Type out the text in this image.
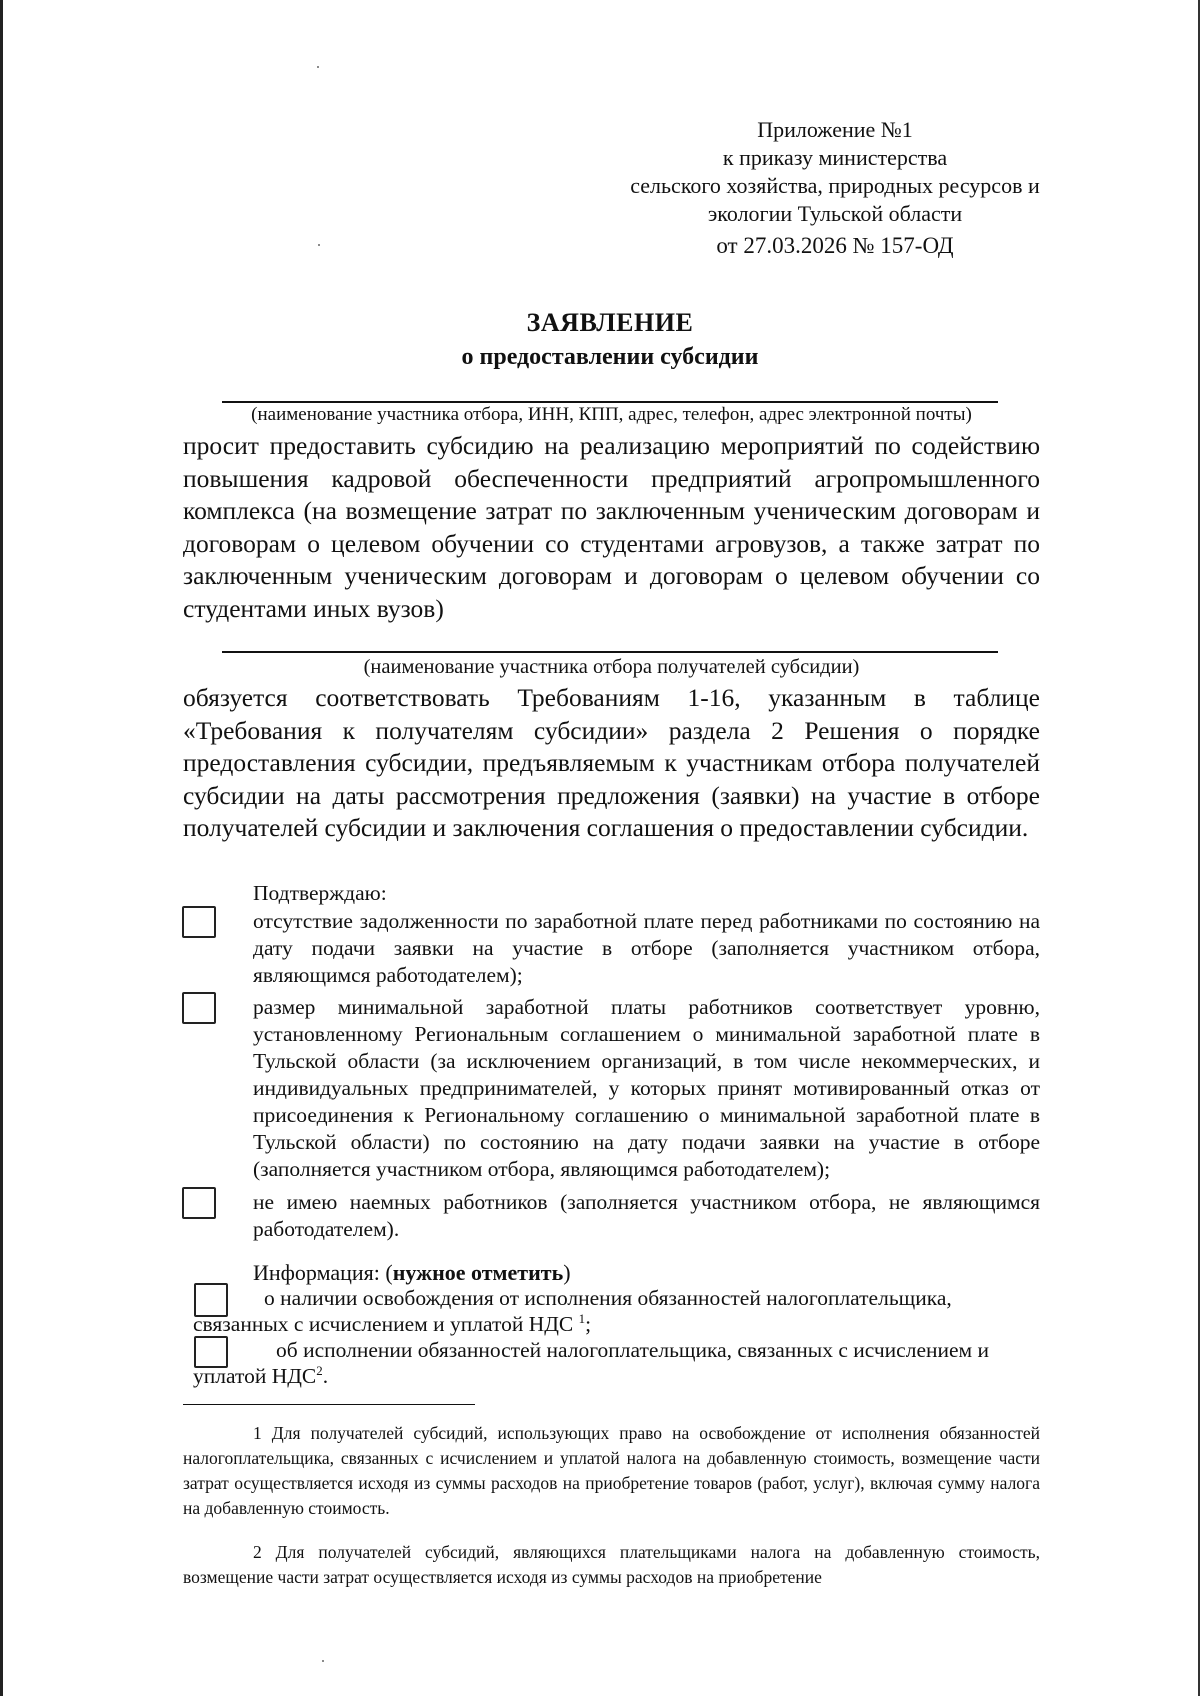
Приложение №1
к приказу министерства
сельского хозяйства, природных ресурсов и
экологии Тульской области
от 27.03.2026 № 157-ОД
ЗАЯВЛЕНИЕ
о предоставлении субсидии
(наименование участника отбора, ИНН, КПП, адрес, телефон, адрес электронной почты)
просит предоставить субсидию на реализацию мероприятий по содействию повышения кадровой обеспеченности предприятий агропромышленного комплекса (на возмещение затрат по заключенным ученическим договорам и договорам о целевом обучении со студентами агровузов, а также затрат по заключенным ученическим договорам и договорам о целевом обучении со студентами иных вузов)
(наименование участника отбора получателей субсидии)
обязуется соответствовать Требованиям 1-16, указанным в таблице «Требования к получателям субсидии» раздела 2 Решения о порядке предоставления субсидии, предъявляемым к участникам отбора получателей субсидии на даты рассмотрения предложения (заявки) на участие в отборе получателей субсидии и заключения соглашения о предоставлении субсидии.
Подтверждаю:
отсутствие задолженности по заработной плате перед работниками по состоянию на дату подачи заявки на участие в отборе (заполняется участником отбора, являющимся работодателем);
размер минимальной заработной платы работников соответствует уровню, установленному Региональным соглашением о минимальной заработной плате в Тульской области (за исключением организаций, в том числе некоммерческих, и индивидуальных предпринимателей, у которых принят мотивированный отказ от присоединения к Региональному соглашению о минимальной заработной плате в Тульской области) по состоянию на дату подачи заявки на участие в отборе (заполняется участником отбора, являющимся работодателем);
не имею наемных работников (заполняется участником отбора, не являющимся работодателем).
Информация: (нужное отметить)
о наличии освобождения от исполнения обязанностей налогоплательщика,
связанных с исчислением и уплатой НДС $^1$;
об исполнении обязанностей налогоплательщика, связанных с исчислением и
уплатой НДС$^2$.
1 Для получателей субсидий, использующих право на освобождение от исполнения обязанностей налогоплательщика, связанных с исчислением и уплатой налога на добавленную стоимость, возмещение части затрат осуществляется исходя из суммы расходов на приобретение товаров (работ, услуг), включая сумму налога на добавленную стоимость.
2 Для получателей субсидий, являющихся плательщиками налога на добавленную стоимость, возмещение части затрат осуществляется исходя из суммы расходов на приобретение
